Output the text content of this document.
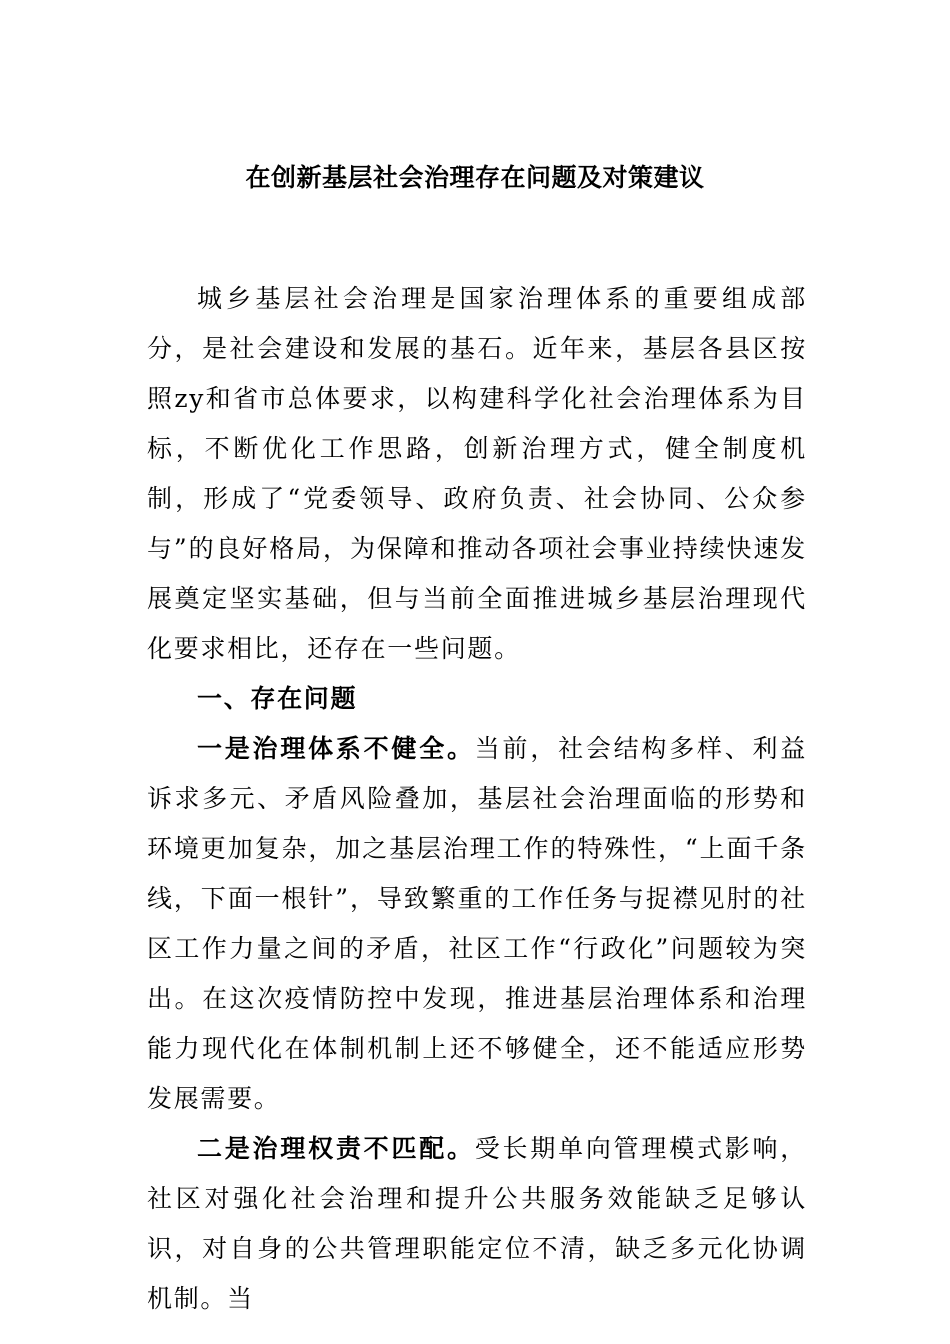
在创新基层社会治理存在问题及对策建议

城乡基层社会治理是国家治理体系的重要组成部分，是社会建设和发展的基石。近年来，基层各县区按照zy和省市总体要求，以构建科学化社会治理体系为目标，不断优化工作思路，创新治理方式，健全制度机制，形成了“党委领导、政府负责、社会协同、公众参与”的良好格局，为保障和推动各项社会事业持续快速发展奠定坚实基础，但与当前全面推进城乡基层治理现代化要求相比，还存在一些问题。

一、存在问题

一是治理体系不健全。当前，社会结构多样、利益诉求多元、矛盾风险叠加，基层社会治理面临的形势和环境更加复杂，加之基层治理工作的特殊性，“上面千条线，下面一根针”，导致繁重的工作任务与捉襟见肘的社区工作力量之间的矛盾，社区工作“行政化”问题较为突出。在这次疫情防控中发现，推进基层治理体系和治理能力现代化在体制机制上还不够健全，还不能适应形势发展需要。

二是治理权责不匹配。受长期单向管理模式影响，社区对强化社会治理和提升公共服务效能缺乏足够认识，对自身的公共管理职能定位不清，缺乏多元化协调机制。当
